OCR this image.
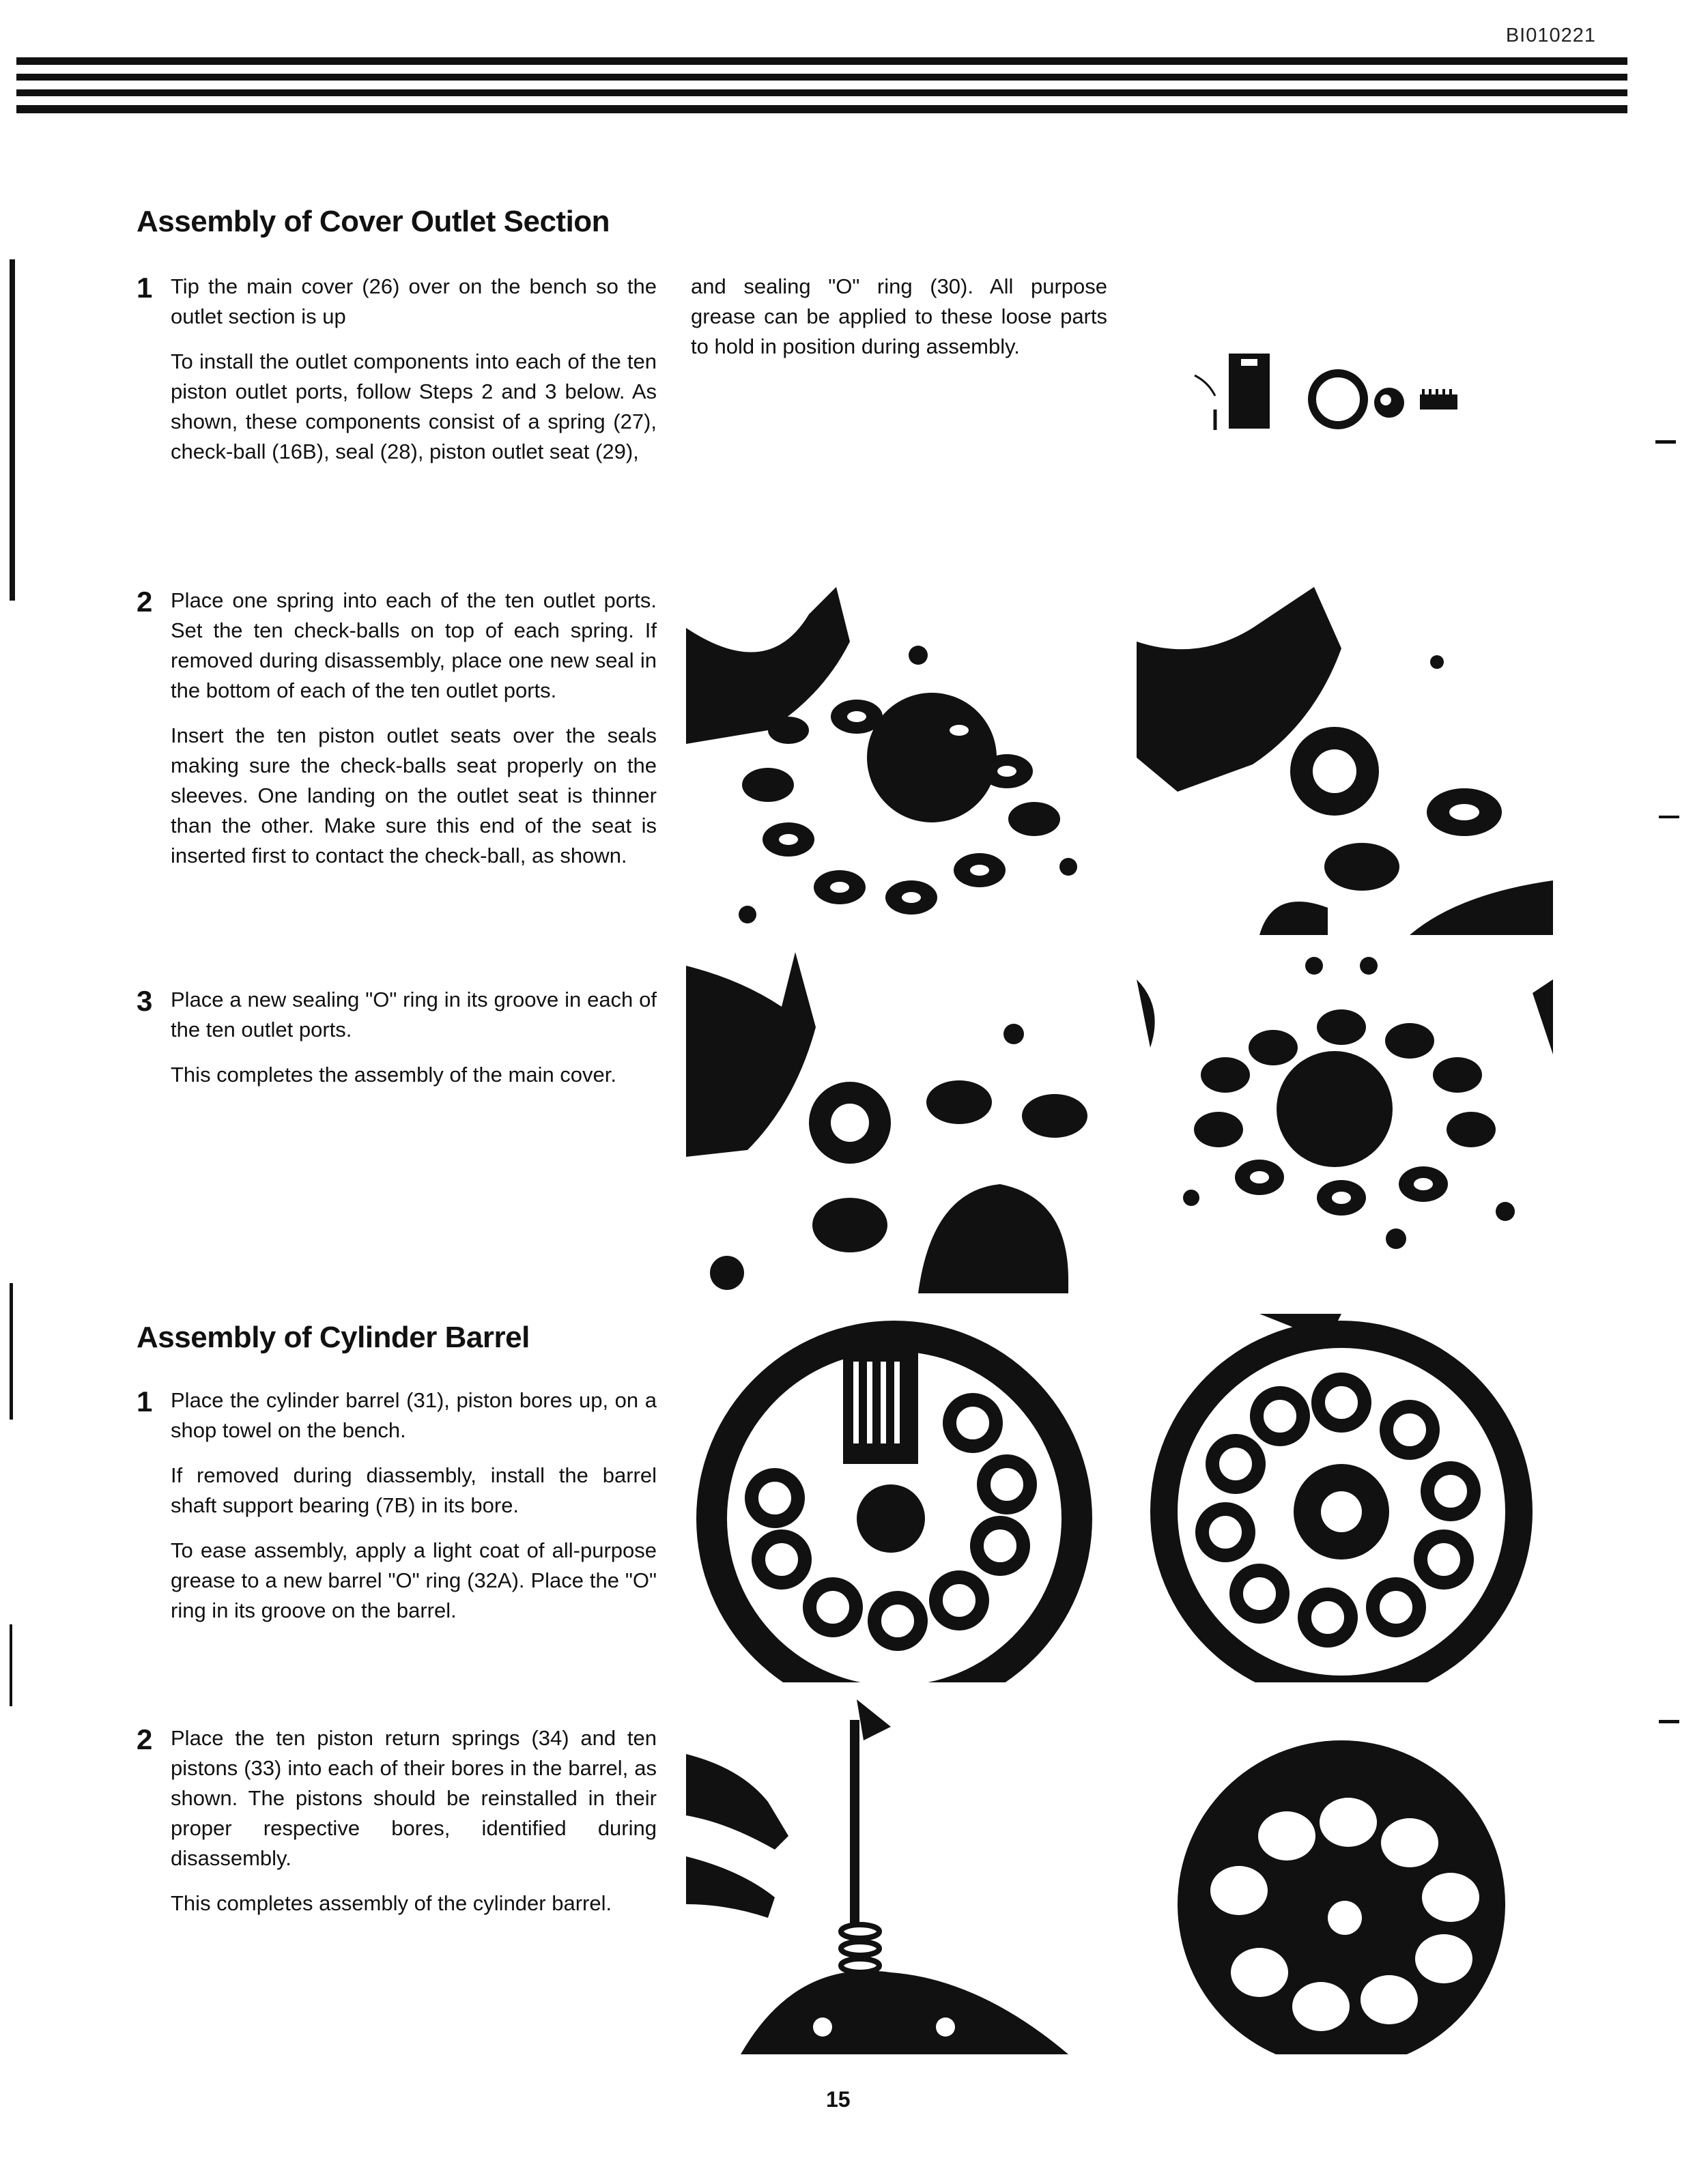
BI010221
Assembly of Cover Outlet Section
1 Tip the main cover (26) over on the bench so the outlet section is up

To install the outlet components into each of the ten piston outlet ports, follow Steps 2 and 3 below. As shown, these components consist of a spring (27), check-ball (16B), seal (28), piston outlet seat (29),

and sealing "O" ring (30). All purpose grease can be applied to these loose parts to hold in position during assembly.

2 Place one spring into each of the ten outlet ports. Set the ten check-balls on top of each spring. If removed during disassembly, place one new seal in the bottom of each of the ten outlet ports.

Insert the ten piston outlet seats over the seals making sure the check-balls seat properly on the sleeves. One landing on the outlet seat is thinner than the other. Make sure this end of the seat is inserted first to contact the check-ball, as shown.

3 Place a new sealing "O" ring in its groove in each of the ten outlet ports.

This completes the assembly of the main cover.

Assembly of Cylinder Barrel
1 Place the cylinder barrel (31), piston bores up, on a shop towel on the bench.

If removed during diassembly, install the barrel shaft support bearing (7B) in its bore.

To ease assembly, apply a light coat of all-purpose grease to a new barrel "O" ring (32A). Place the "O" ring in its groove on the barrel.

2 Place the ten piston return springs (34) and ten pistons (33) into each of their bores in the barrel, as shown. The pistons should be reinstalled in their proper respective bores, identified during disassembly.

This completes assembly of the cylinder barrel.

15
